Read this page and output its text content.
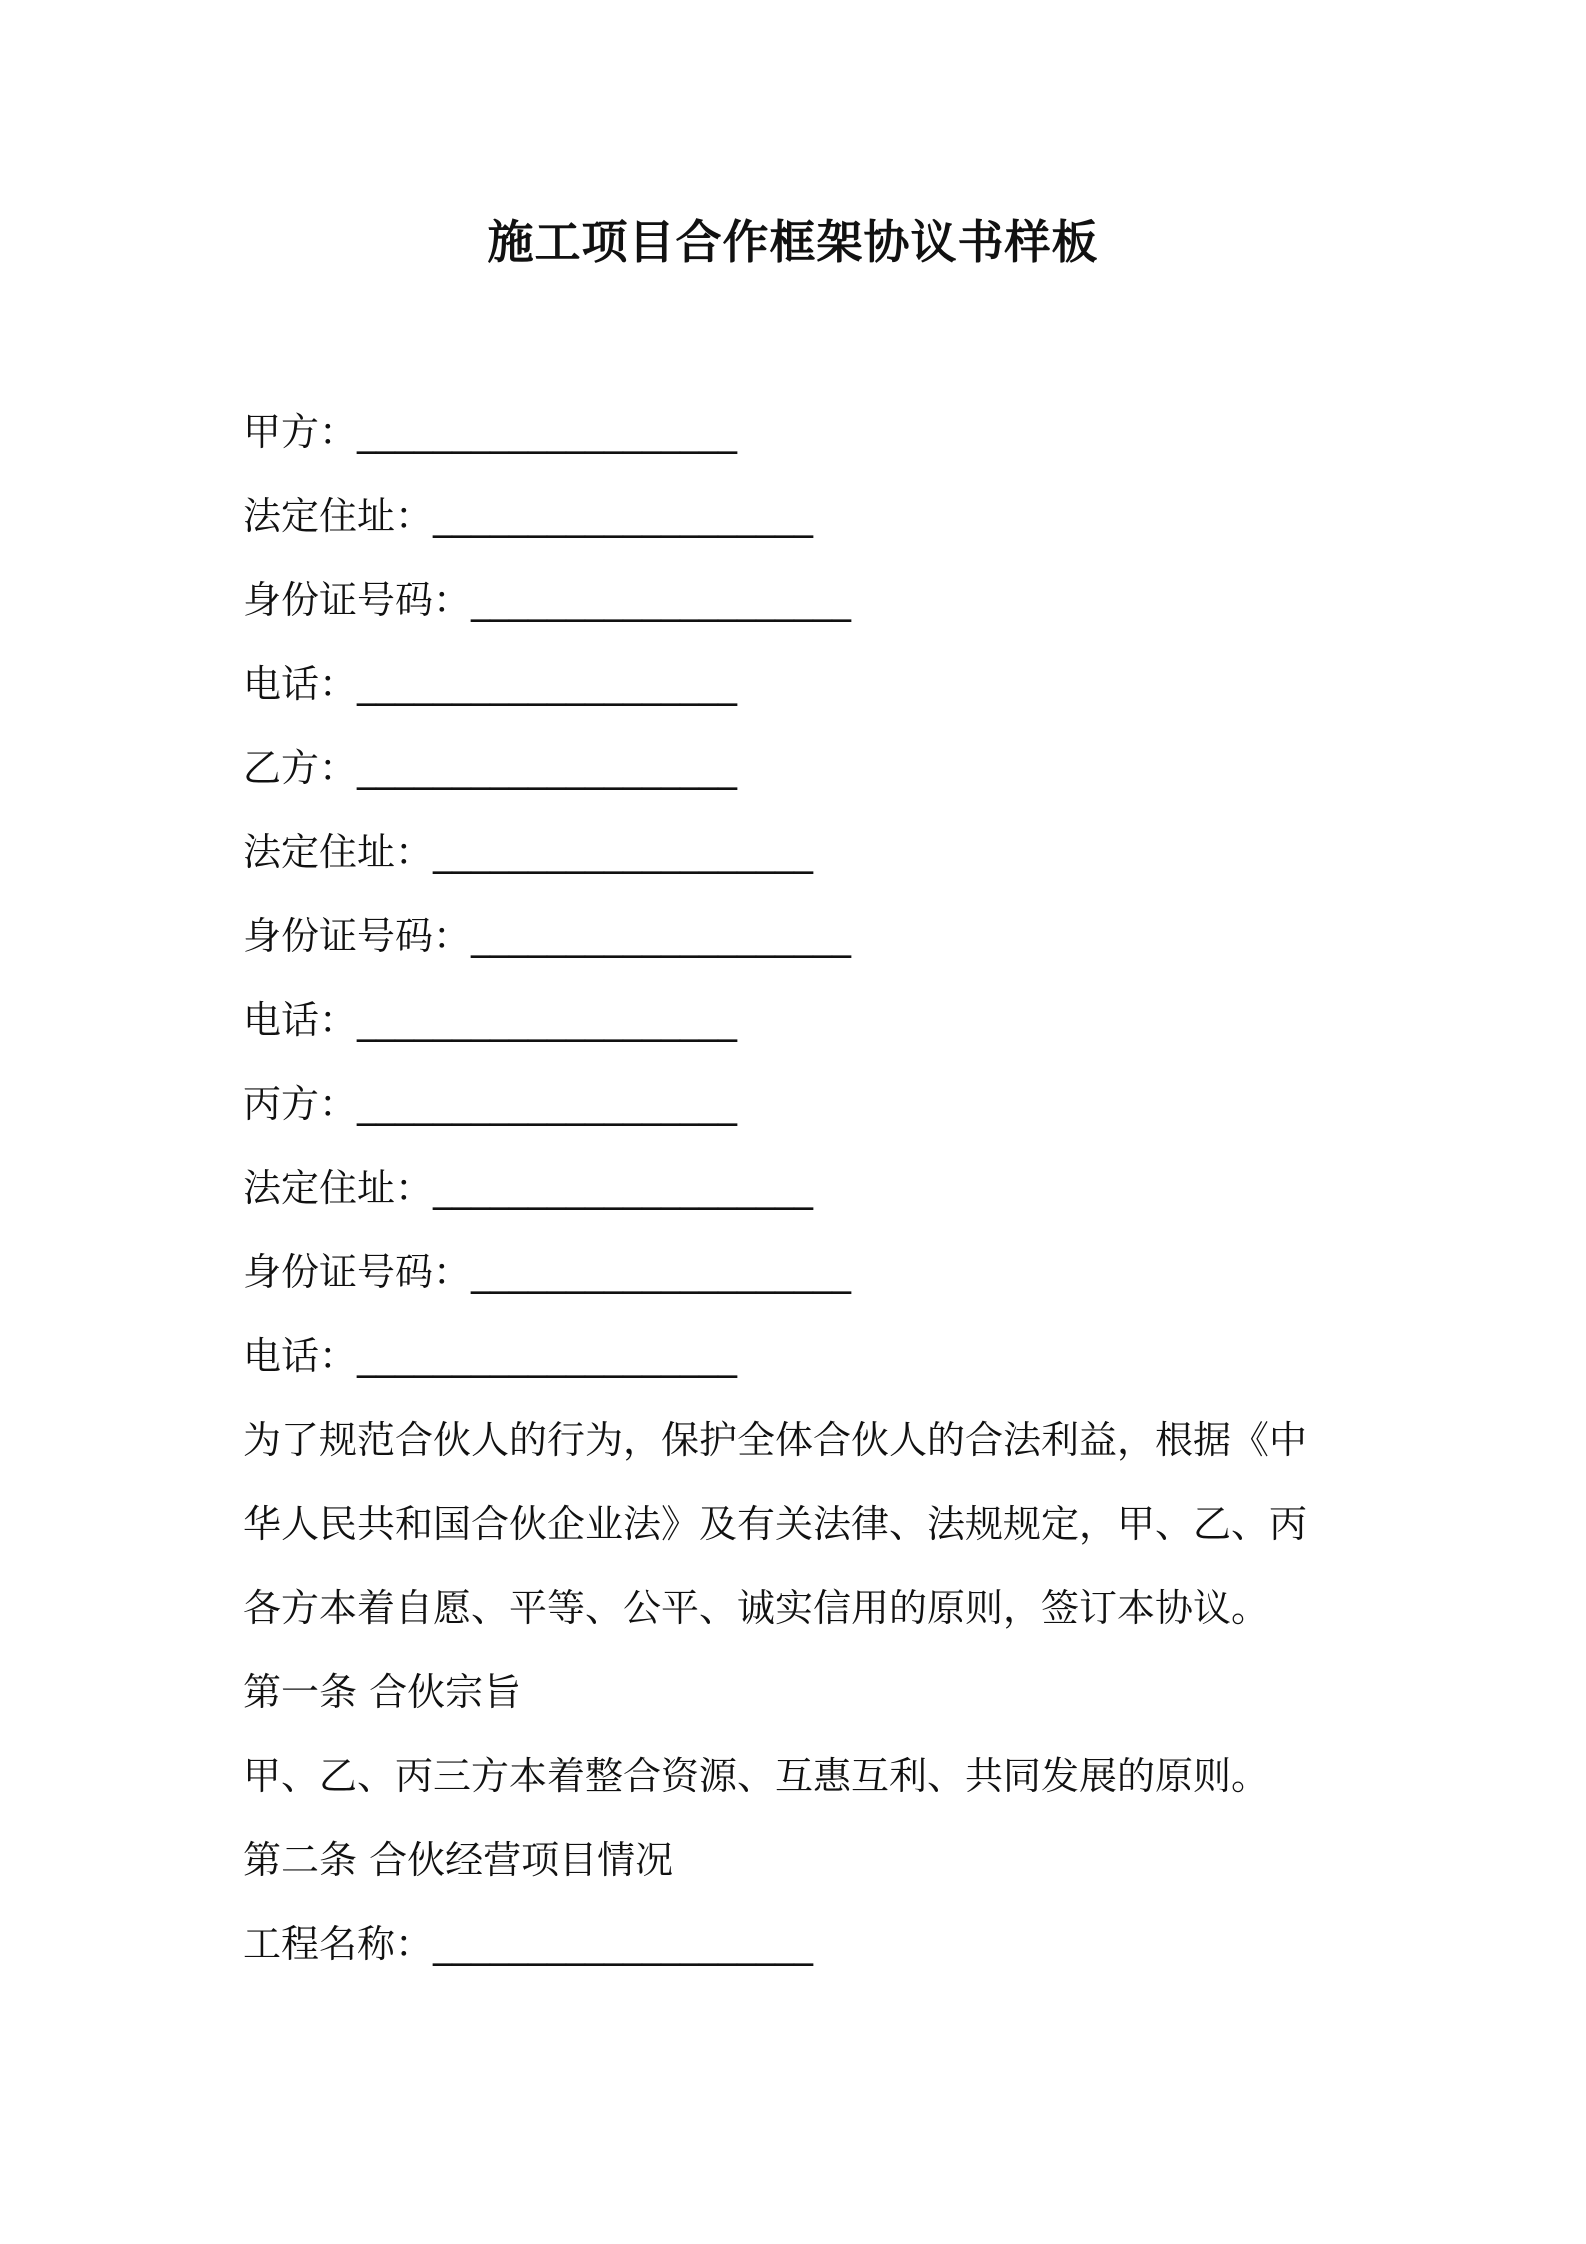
施工项目合作框架协议书样板
甲方：____________________
法定住址：____________________
身份证号码：____________________
电话：____________________
乙方：____________________
法定住址：____________________
身份证号码：____________________
电话：____________________
丙方：____________________
法定住址：____________________
身份证号码：____________________
电话：____________________
为了规范合伙人的行为，保护全体合伙人的合法利益，根据《中
华人民共和国合伙企业法》及有关法律、法规规定，甲、乙、丙
各方本着自愿、平等、公平、诚实信用的原则，签订本协议。
第一条 合伙宗旨
甲、乙、丙三方本着整合资源、互惠互利、共同发展的原则。
第二条 合伙经营项目情况
工程名称：____________________
